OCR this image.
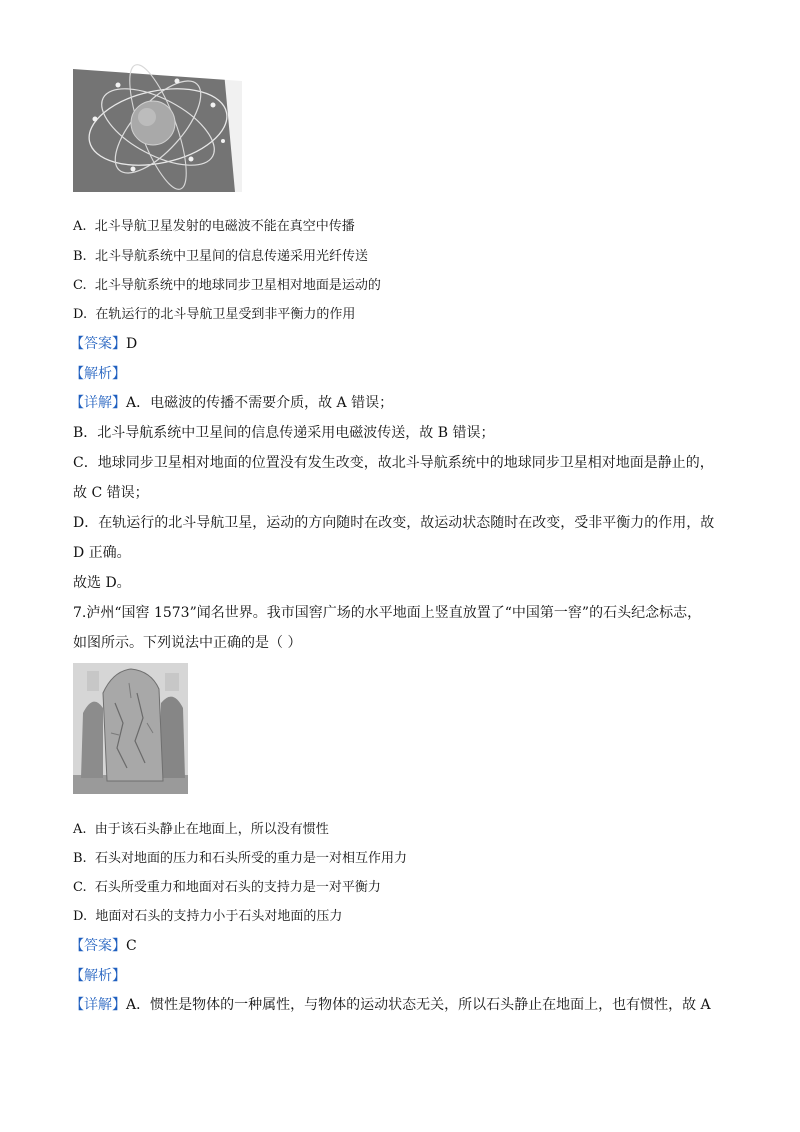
A. 北斗导航卫星发射的电磁波不能在真空中传播
B. 北斗导航系统中卫星间的信息传递采用光纤传送
C. 北斗导航系统中的地球同步卫星相对地面是运动的
D. 在轨运行的北斗导航卫星受到非平衡力的作用
【答案】D
【解析】
【详解】A．电磁波的传播不需要介质，故 A 错误；
B．北斗导航系统中卫星间的信息传递采用电磁波传送，故 B 错误；
C．地球同步卫星相对地面的位置没有发生改变，故北斗导航系统中的地球同步卫星相对地面是静止的，
故 C 错误；
D．在轨运行的北斗导航卫星，运动的方向随时在改变，故运动状态随时在改变，受非平衡力的作用，故
D 正确。
故选 D。
7.泸州“国窖 1573”闻名世界。我市国窖广场的水平地面上竖直放置了“中国第一窖”的石头纪念标志，
如图所示。下列说法中正确的是（ ）
A. 由于该石头静止在地面上，所以没有惯性
B. 石头对地面的压力和石头所受的重力是一对相互作用力
C. 石头所受重力和地面对石头的支持力是一对平衡力
D. 地面对石头的支持力小于石头对地面的压力
【答案】C
【解析】
【详解】A．惯性是物体的一种属性，与物体的运动状态无关，所以石头静止在地面上，也有惯性，故 A
